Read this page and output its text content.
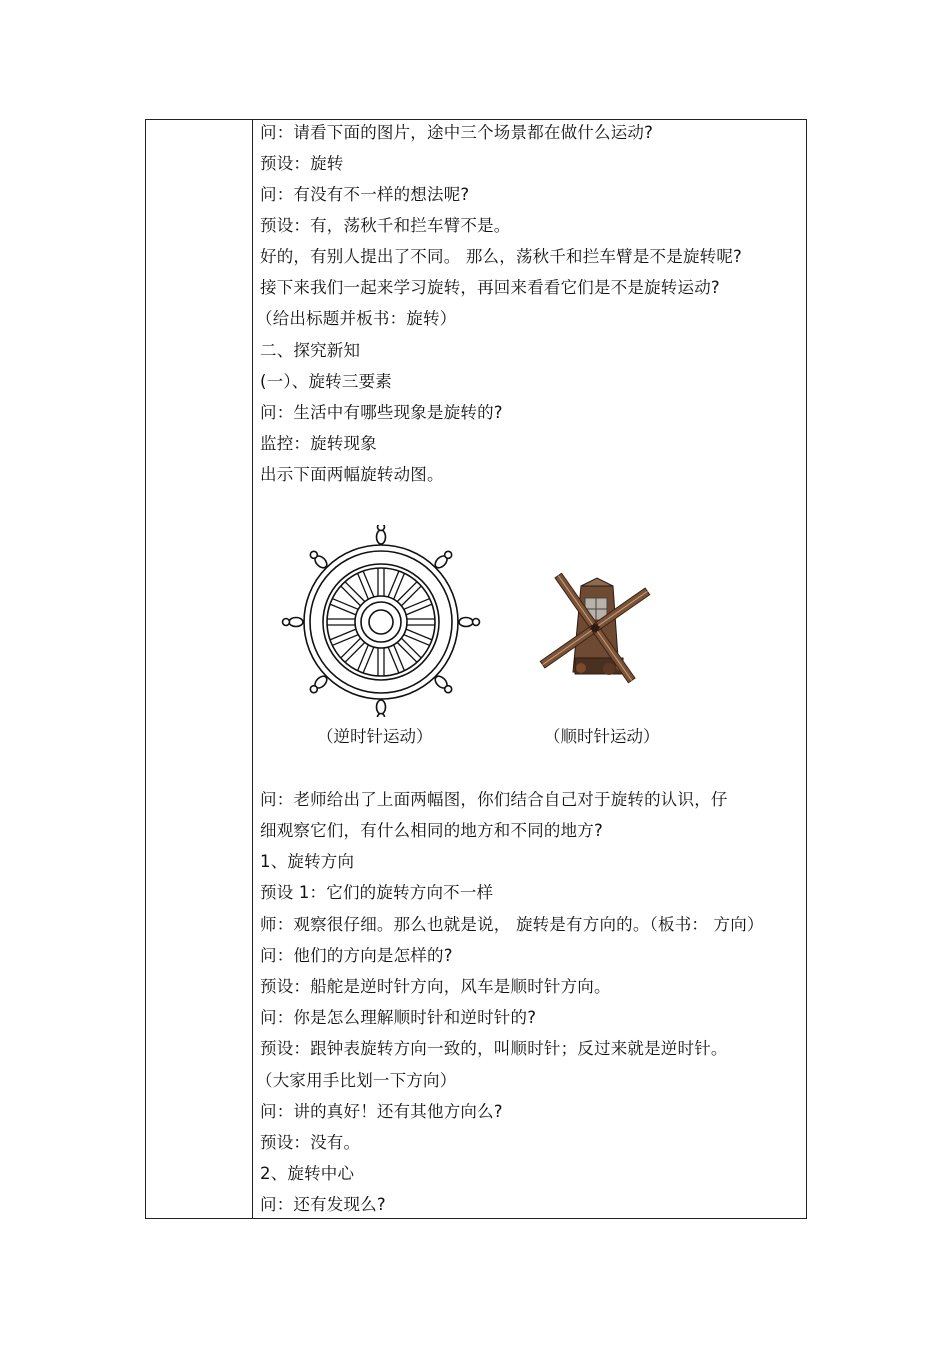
问：请看下面的图片，途中三个场景都在做什么运动?
预设：旋转
问：有没有不一样的想法呢?
预设：有，荡秋千和拦车臂不是。
好的，有别人提出了不同。 那么，荡秋千和拦车臂是不是旋转呢?
接下来我们一起来学习旋转，再回来看看它们是不是旋转运动?
（给出标题并板书：旋转）
二、探究新知
(一）、旋转三要素
问：生活中有哪些现象是旋转的?
监控：旋转现象
出示下面两幅旋转动图。
（逆时针运动）	（顺时针运动）
问：老师给出了上面两幅图，你们结合自己对于旋转的认识，仔
细观察它们，有什么相同的地方和不同的地方?
1、旋转方向
预设 1：它们的旋转方向不一样
师：观察很仔细。那么也就是说， 旋转是有方向的。（板书： 方向）
问：他们的方向是怎样的?
预设：船舵是逆时针方向，风车是顺时针方向。
问：你是怎么理解顺时针和逆时针的?
预设：跟钟表旋转方向一致的，叫顺时针；反过来就是逆时针。
（大家用手比划一下方向）
问：讲的真好！还有其他方向么?
预设：没有。
2、旋转中心
问：还有发现么?
